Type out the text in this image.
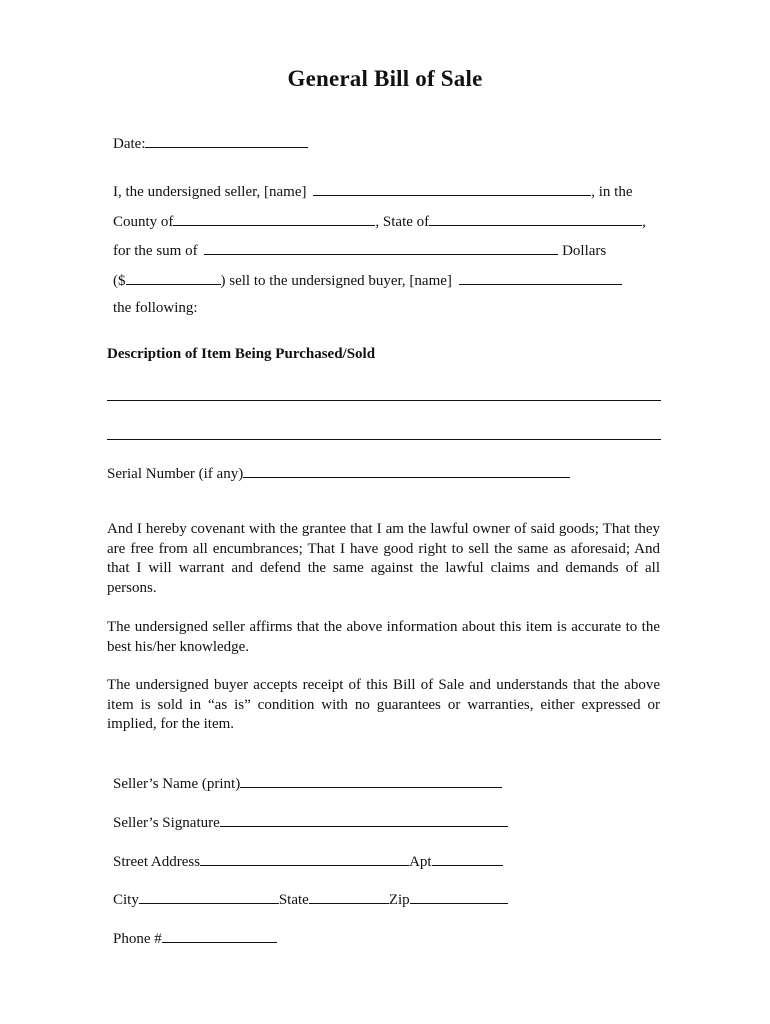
General Bill of Sale
Date:
I, the undersigned seller, [name]	, in the
County of	, State of	,
for the sum of	Dollars
($	) sell to the undersigned buyer, [name]
the following:
Description of Item Being Purchased/Sold
Serial Number (if any)
And I hereby covenant with the grantee that I am the lawful owner of said goods; That they are free from all encumbrances; That I have good right to sell the same as aforesaid; And that I will warrant and defend the same against the lawful claims and demands of all persons.
The undersigned seller affirms that the above information about this item is accurate to the best his/her knowledge.
The undersigned buyer accepts receipt of this Bill of Sale and understands that the above item is sold in “as is” condition with no guarantees or warranties, either expressed or implied, for the item.
Seller’s Name (print)
Seller’s Signature
Street Address	Apt
City	State	Zip
Phone #
